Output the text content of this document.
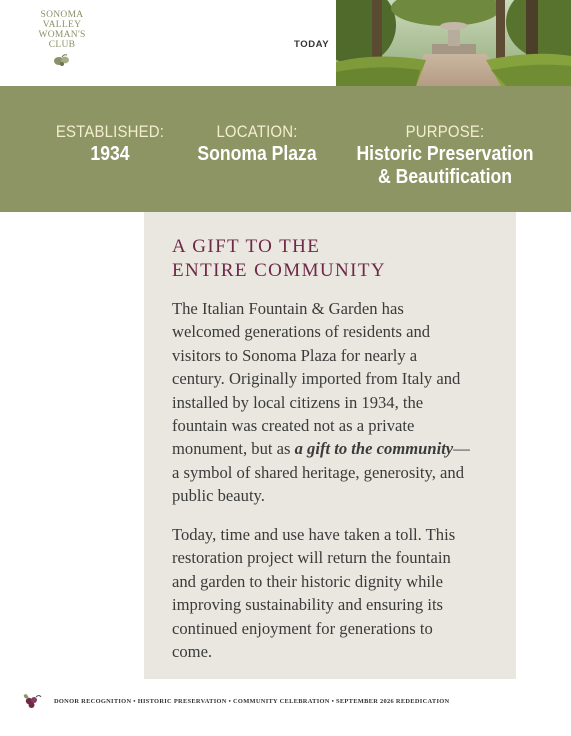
SONOMA
VALLEY
WOMAN'S
CLUB	TODAY
ESTABLISHED:
1934
LOCATION:
Sonoma Plaza
PURPOSE:
Historic Preservation
& Beautification
A GIFT TO THE
ENTIRE COMMUNITY

The Italian Fountain & Garden has welcomed generations of residents and visitors to Sonoma Plaza for nearly a century. Originally imported from Italy and installed by local citizens in 1934, the fountain was created not as a private monument, but as a gift to the community—a symbol of shared heritage, generosity, and public beauty.

Today, time and use have taken a toll. This restoration project will return the fountain and garden to their historic dignity while improving sustainability and ensuring its continued enjoyment for generations to come.

DONOR RECOGNITION • HISTORIC PRESERVATION • COMMUNITY CELEBRATION • SEPTEMBER 2026 REDEDICATION
